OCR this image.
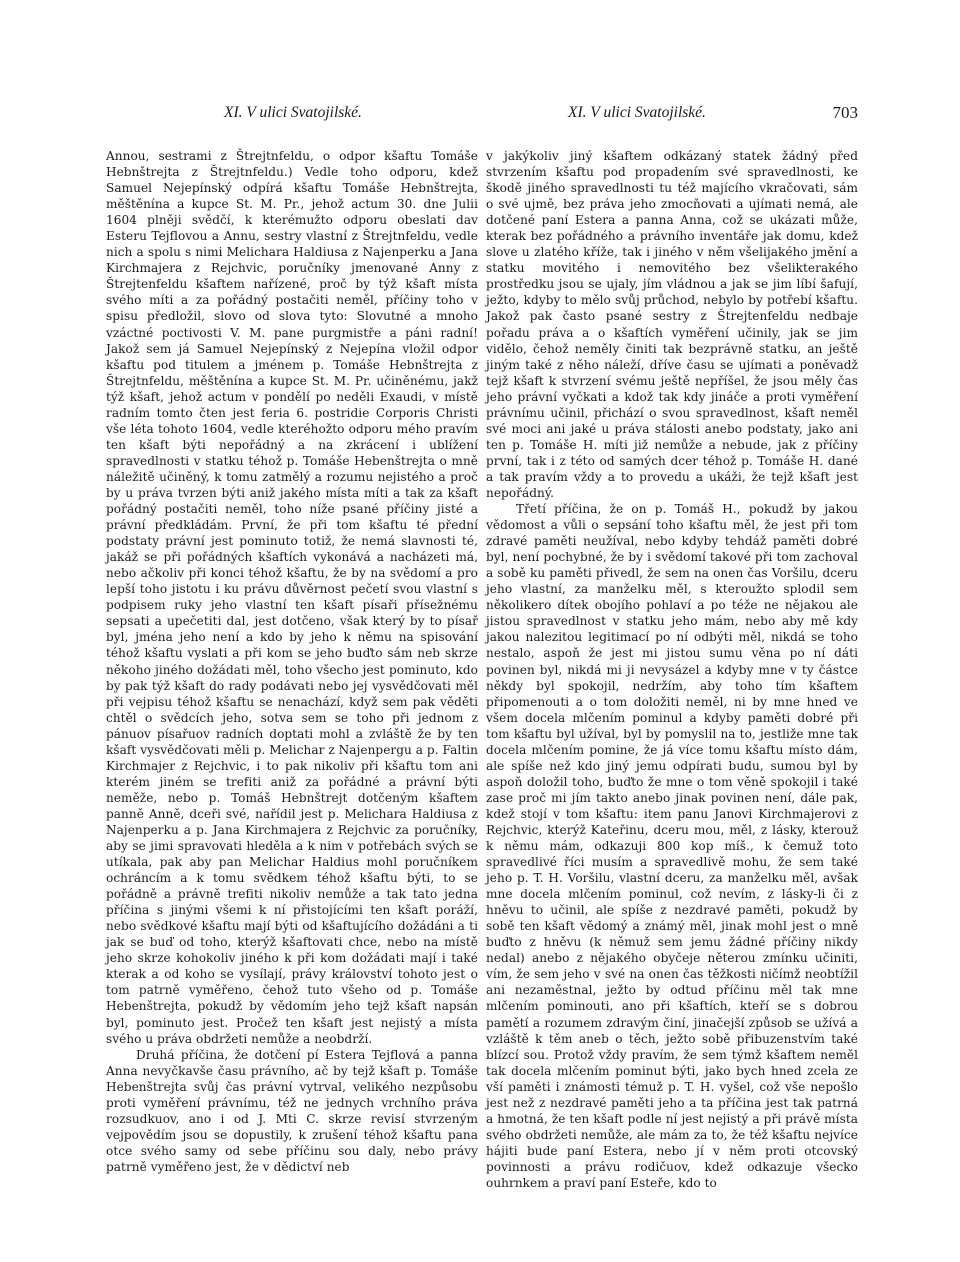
XI. V ulici Svatojilské.	XI. V ulici Svatojilské.	703

Annou, sestrami z Štrejtnfeldu, o odpor kšaftu Tomáše Hebnštrejta z Štrejtnfeldu.) Vedle toho odporu, kdež Samuel Nejepínský odpírá kšaftu Tomáše Hebnštrejta, měštěnína a kupce St. M. Pr., jehož actum 30. dne Julii 1604 plněji svědčí, k kterémužto odporu obeslati dav Esteru Tejflovou a Annu, sestry vlastní z Štrejtnfeldu, vedle nich a spolu s nimi Melichara Haldiusa z Najenperku a Jana Kirchmajera z Rejchvic, poručníky jmenované Anny z Štrejtenfeldu kšaftem nařízené, proč by týž kšaft místa svého míti a za pořádný postačiti neměl, příčiny toho v spisu předložil, slovo od slova tyto: Slovutné a mnoho vzáctné poctivosti V. M. pane purgmistře a páni radní! Jakož sem já Samuel Nejepínský z Nejepína vložil odpor kšaftu pod titulem a jménem p. Tomáše Hebnštrejta z Štrejtnfeldu, měštěnína a kupce St. M. Pr. učiněnému, jakž týž kšaft, jehož actum v pondělí po neděli Exaudi, v místě radním tomto čten jest feria 6. postridie Corporis Christi vše léta tohoto 1604, vedle kteréhožto odporu mého pravím ten kšaft býti nepořádný a na zkrácení i ublížení spravedlnosti v statku téhož p. Tomáše Hebenštrejta o mně náležitě učiněný, k tomu zatmělý a rozumu nejistého a proč by u práva tvrzen býti aniž jakého místa míti a tak za kšaft pořádný postačiti neměl, toho níže psané příčiny jisté a právní předkládám. První, že při tom kšaftu té přední podstaty právní jest pominuto totiž, že nemá slavnosti té, jakáž se při pořádných kšaftích vykonává a nacházeti má, nebo ačkoliv při konci téhož kšaftu, že by na svědomí a pro lepší toho jistotu i ku právu důvěrnost pečetí svou vlastní s podpisem ruky jeho vlastní ten kšaft písaři přísežnému sepsati a upečetiti dal, jest dotčeno, však který by to písař byl, jména jeho není a kdo by jeho k němu na spisování téhož kšaftu vyslati a při kom se jeho buďto sám neb skrze někoho jiného dožádati měl, toho všecho jest pominuto, kdo by pak týž kšaft do rady podávati nebo jej vysvědčovati měl při vejpisu téhož kšaftu se nenachází, když sem pak věděti chtěl o svědcích jeho, sotva sem se toho při jednom z pánuov písařuov radních doptati mohl a zvláště že by ten kšaft vysvědčovati měli p. Melichar z Najenpergu a p. Faltin Kirchmajer z Rejchvic, i to pak nikoliv při kšaftu tom ani kterém jiném se trefiti aniž za pořádné a právní býti neměže, nebo p. Tomáš Hebnštrejt dotčeným kšaftem panně Anně, dceři své, nařídil jest p. Melichara Haldiusa z Najenperku a p. Jana Kirchmajera z Rejchvic za poručníky, aby se jimi spravovati hleděla a k nim v potřebách svých se utíkala, pak aby pan Melichar Haldius mohl poručníkem ochráncím a k tomu svědkem téhož kšaftu býti, to se pořádně a právně trefiti nikoliv nemůže a tak tato jedna příčina s jinými všemi k ní přistojícími ten kšaft poráží, nebo svědkové kšaftu mají býti od kšaftujícího dožádáni a ti jak se buď od toho, kterýž kšaftovati chce, nebo na místě jeho skrze kohokoliv jiného k při kom dožádati mají i také kterak a od koho se vysílají, právy království tohoto jest o tom patrně vyměřeno, čehož tuto všeho od p. Tomáše Hebenštrejta, pokudž by vědomím jeho tejž kšaft napsán byl, pominuto jest. Pročež ten kšaft jest nejistý a místa svého u práva obdržeti nemůže a neobdrží.

Druhá příčina, že dotčení pí Estera Tejflová a panna Anna nevyčkavše času právního, ač by tejž kšaft p. Tomáše Hebenštrejta svůj čas právní vytrval, velikého nezpůsobu proti vyměření právnímu, též ne jednych vrchního práva rozsudkuov, ano i od J. Mti C. skrze revisí stvrzeným vejpovědím jsou se dopustily, k zrušení téhož kšaftu pana otce svého samy od sebe příčinu sou daly, nebo právy patrně vyměřeno jest, že v dědictví neb

v jakýkoliv jiný kšaftem odkázaný statek žádný před stvrzením kšaftu pod propadením své spravedlnosti, ke škodě jiného spravedlnosti tu též majícího vkračovati, sám o své ujmě, bez práva jeho zmocňovati a ujímati nemá, ale dotčené paní Estera a panna Anna, což se ukázati může, kterak bez pořádného a právního inventáře jak domu, kdež slove u zlatého kříže, tak i jiného v něm všelijakého jmění a statku movitého i nemovitého bez všelikterakého prostředku jsou se ujaly, jím vládnou a jak se jim líbí šafují, ježto, kdyby to mělo svůj průchod, nebylo by potřebí kšaftu. Jakož pak často psané sestry z Štrejtenfeldu nedbaje pořadu práva a o kšaftích vyměření učinily, jak se jim vidělo, čehož neměly činiti tak bezprávně statku, an ještě jiným také z něho náleží, dříve času se ujímati a poněvadž tejž kšaft k stvrzení svému ještě nepříšel, že jsou měly čas jeho právní vyčkati a kdož tak kdy jináče a proti vyměření právnímu učinil, přichází o svou spravedlnost, kšaft neměl své moci ani jaké u práva stálosti anebo podstaty, jako ani ten p. Tomáše H. míti již nemůže a nebude, jak z příčiny první, tak i z této od samých dcer téhož p. Tomáše H. dané a tak pravím vždy a to provedu a ukáži, že tejž kšaft jest nepořádný.

Třetí příčina, že on p. Tomáš H., pokudž by jakou vědomost a vůli o sepsání toho kšaftu měl, že jest při tom zdravé paměti neužíval, nebo kdyby tehdáž paměti dobré byl, není pochybné, že by i svědomí takové při tom zachoval a sobě ku paměti přivedl, že sem na onen čas Voršilu, dceru jeho vlastní, za manželku měl, s kteroužto splodil sem několikero dítek obojího pohlaví a po téže ne nějakou ale jistou spravedlnost v statku jeho mám, nebo aby mě kdy jakou nalezitou legitimací po ní odbýti měl, nikdá se toho nestalo, aspoň že jest mi jistou sumu věna po ní dáti povinen byl, nikdá mi ji nevysázel a kdyby mne v ty částce někdy byl spokojil, nedržím, aby toho tím kšaftem připomenouti a o tom doložiti neměl, ni by mne hned ve všem docela mlčením pominul a kdyby paměti dobré při tom kšaftu byl užíval, byl by pomyslil na to, jestliže mne tak docela mlčením pomine, že já více tomu kšaftu místo dám, ale spíše než kdo jiný jemu odpírati budu, sumou byl by aspoň doložil toho, buďto že mne o tom věně spokojil i také zase proč mi jím takto anebo jinak povinen není, dále pak, kdež stojí v tom kšaftu: item panu Janovi Kirchmajerovi z Rejchvic, kterýž Kateřinu, dceru mou, měl, z lásky, kterouž k němu mám, odkazuji 800 kop míš., k čemuž toto spravedlivé říci musím a spravedlivě mohu, že sem také jeho p. T. H. Voršilu, vlastní dceru, za manželku měl, avšak mne docela mlčením pominul, což nevím, z lásky-li či z hněvu to učinil, ale spíše z nezdravé paměti, pokudž by sobě ten kšaft vědomý a známý měl, jinak mohl jest o mně buďto z hněvu (k němuž sem jemu žádné příčiny nikdy nedal) anebo z nějakého obyčeje něterou zmínku učiniti, vím, že sem jeho v své na onen čas těžkosti ničímž neobtížil ani nezaměstnal, ježto by odtud příčinu měl tak mne mlčením pominouti, ano při kšaftích, kteří se s dobrou pamětí a rozumem zdravým činí, jinačejší způsob se užívá a vzláště k těm aneb o těch, ježto sobě přibuzenstvím také blízcí sou. Protož vždy pravím, že sem týmž kšaftem neměl tak docela mlčením pominut býti, jako bych hned zcela ze vší paměti i známosti témuž p. T. H. vyšel, což vše nepošlo jest než z nezdravé paměti jeho a ta příčina jest tak patrná a hmotná, že ten kšaft podle ní jest nejistý a při právě místa svého obdržeti nemůže, ale mám za to, že též kšaftu nejvíce hájiti bude paní Estera, nebo jí v něm proti otcovský povinnosti a právu rodičuov, kdež odkazuje všecko ouhrnkem a praví paní Esteře, kdo to
